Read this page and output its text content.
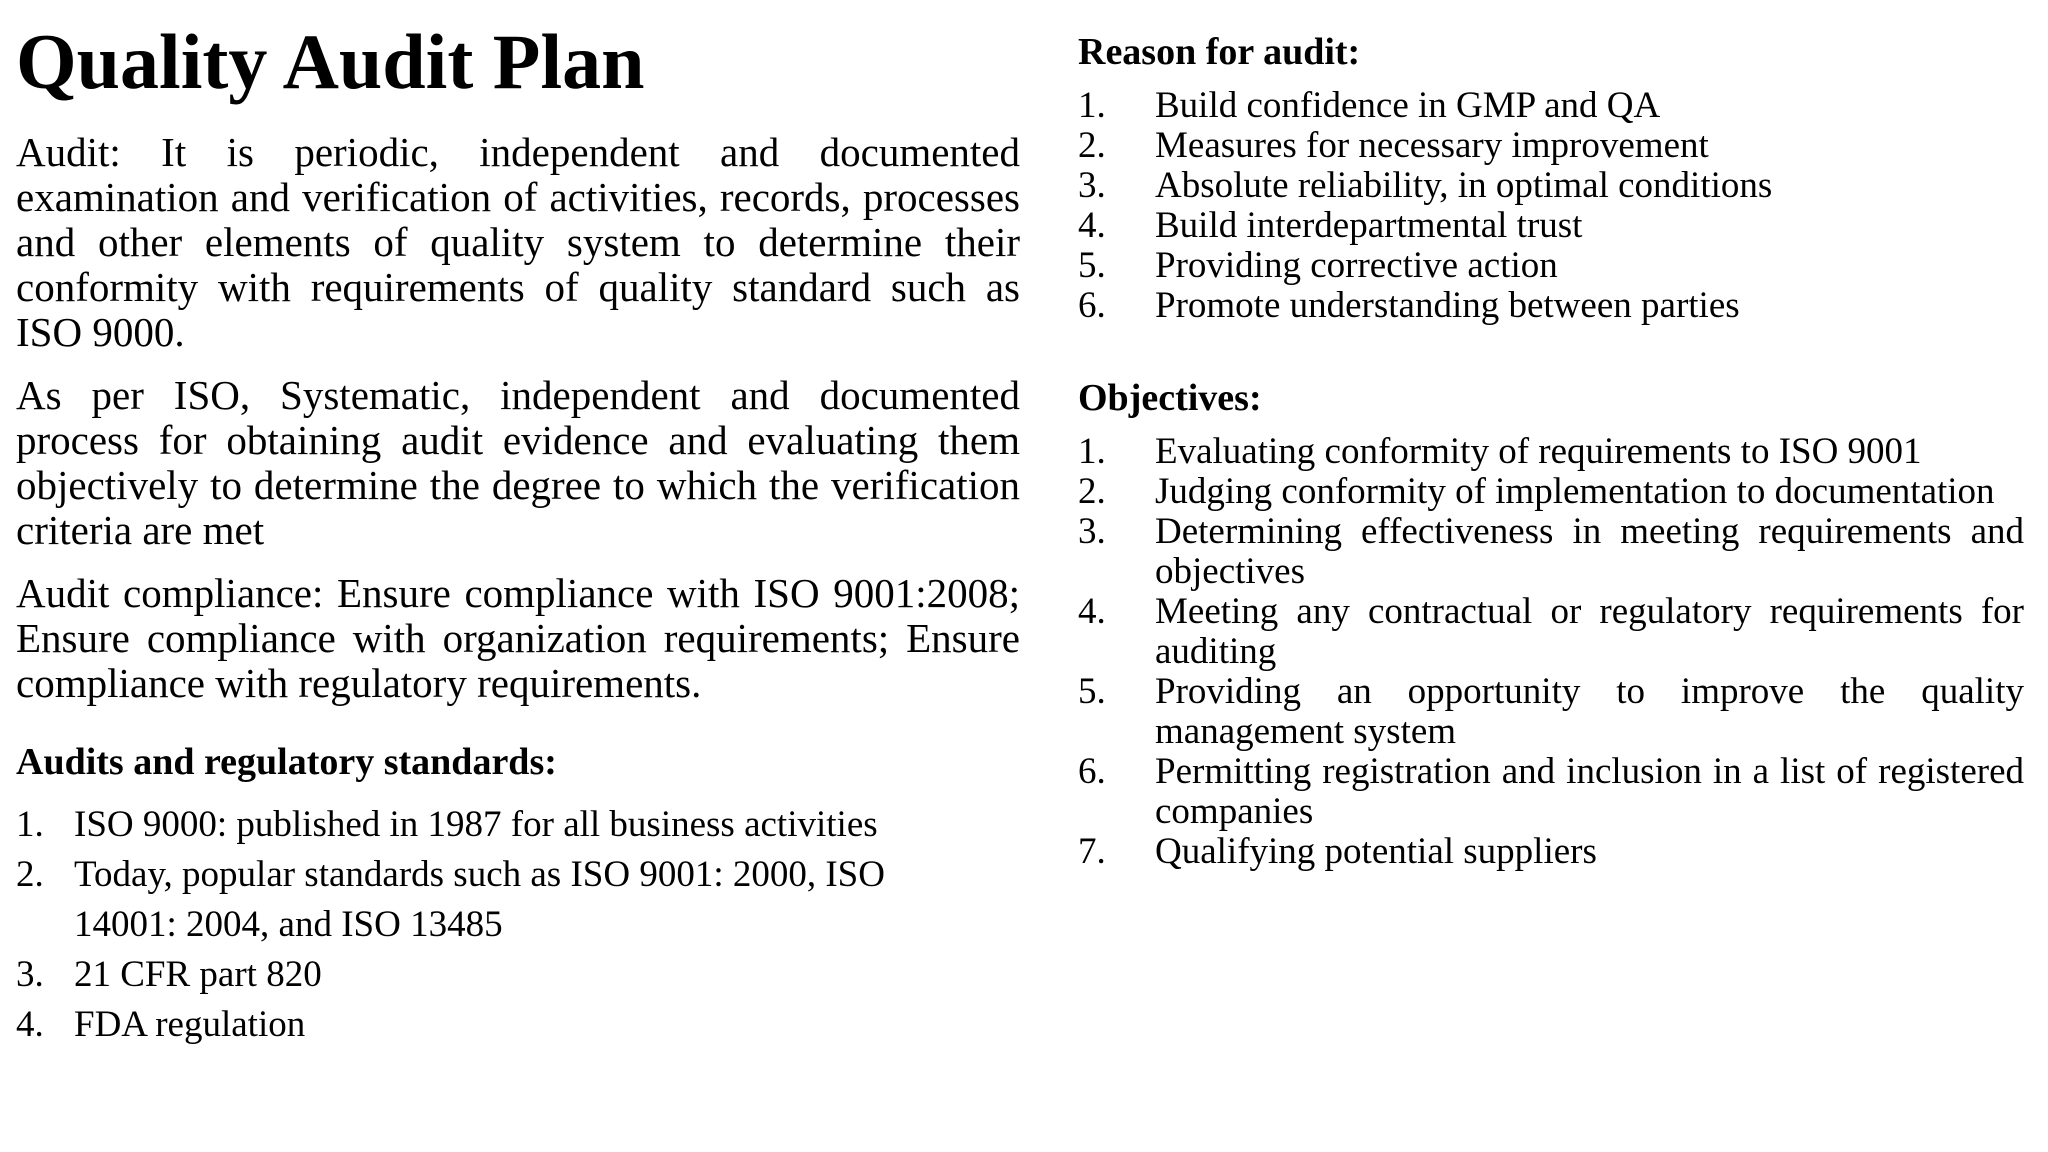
Quality Audit Plan

Audit: It is periodic, independent and documented examination and verification of activities, records, processes and other elements of quality system to determine their conformity with requirements of quality standard such as ISO 9000.

As per ISO, Systematic, independent and documented process for obtaining audit evidence and evaluating them objectively to determine the degree to which the verification criteria are met

Audit compliance: Ensure compliance with ISO 9001:2008; Ensure compliance with organization requirements; Ensure compliance with regulatory requirements.

Audits and regulatory standards:
1. ISO 9000: published in 1987 for all business activities
2. Today, popular standards such as ISO 9001: 2000, ISO 14001: 2004, and ISO 13485
3. 21 CFR part 820
4. FDA regulation
Reason for audit:
1.	Build confidence in GMP and QA
2.	Measures for necessary improvement
3.	Absolute reliability, in optimal conditions
4.	Build interdepartmental trust
5.	Providing corrective action
6.	Promote understanding between parties
Objectives:
1.	Evaluating conformity of requirements to ISO 9001
2.	Judging conformity of implementation to documentation
3.	Determining effectiveness in meeting requirements and objectives
4.	Meeting any contractual or regulatory requirements for auditing
5.	Providing an opportunity to improve the quality management system
6.	Permitting registration and inclusion in a list of registered companies
7.	Qualifying potential suppliers
